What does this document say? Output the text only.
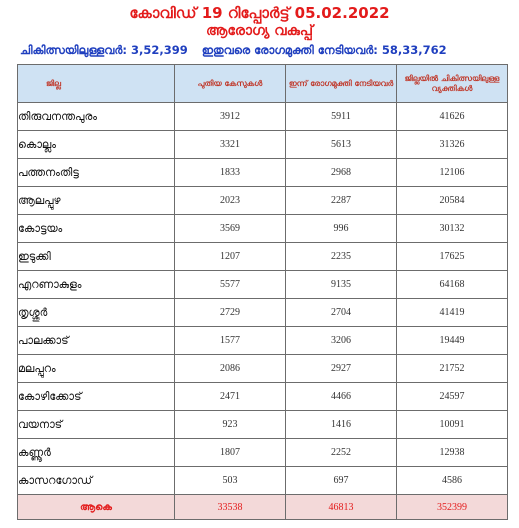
കോവിഡ് 19 റിപ്പോർട്ട് 05.02.2022
ആരോഗ്യ വകുപ്പ്
ചികിത്സയിലുള്ളവർ: 3,52,399 ഇതുവരെ രോഗമുക്തി നേടിയവർ: 58,33,762
ജില്ല	പുതിയ കേസുകൾ	ഇന്ന് രോഗമുക്തി നേടിയവർ	ജില്ലയിൽ ചികിത്സയിലുള്ള വ്യക്തികൾ
തിരുവനന്തപുരം	3912	5911	41626
കൊല്ലം	3321	5613	31326
പത്തനംതിട്ട	1833	2968	12106
ആലപ്പുഴ	2023	2287	20584
കോട്ടയം	3569	996	30132
ഇടുക്കി	1207	2235	17625
എറണാകുളം	5577	9135	64168
തൃശ്ശൂർ	2729	2704	41419
പാലക്കാട്	1577	3206	19449
മലപ്പുറം	2086	2927	21752
കോഴിക്കോട്	2471	4466	24597
വയനാട്	923	1416	10091
കണ്ണൂർ	1807	2252	12938
കാസറഗോഡ്	503	697	4586
ആകെ	33538	46813	352399
